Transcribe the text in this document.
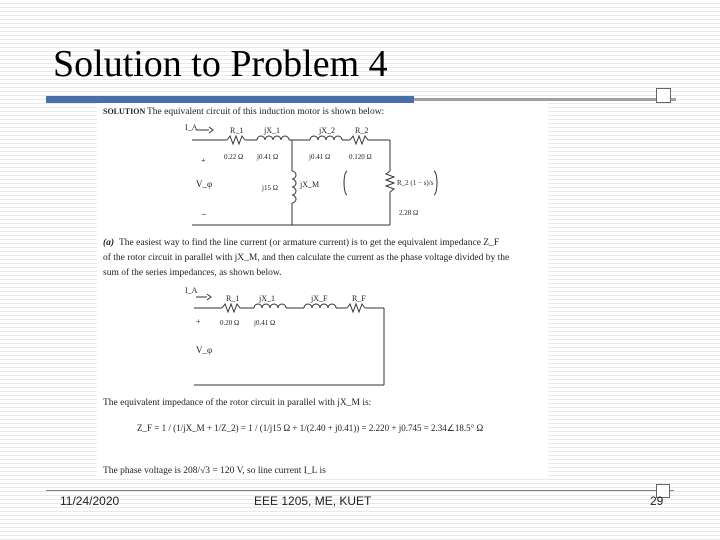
Solution to Problem 4
SOLUTION The equivalent circuit of this induction motor is shown below:
I_A
+
V_φ
−
R_1
0.22 Ω
jX_1
j0.41 Ω
jX_2
j0.41 Ω
R_2
0.120 Ω
jX_M
j15 Ω
R_2 (1 − s)/s
2.28 Ω
(a) The easiest way to find the line current (or armature current) is to get the equivalent impedance Z_F
of the rotor circuit in parallel with jX_M, and then calculate the current as the phase voltage divided by the
sum of the series impedances, as shown below.
I_A
+
V_φ
R_1
0.20 Ω
jX_1
j0.41 Ω
jX_F	R_F
The equivalent impedance of the rotor circuit in parallel with jX_M is:
Z_F = 1 / (1/jX_M + 1/Z_2) = 1 / (1/j15 Ω + 1/(2.40 + j0.41)) = 2.220 + j0.745 = 2.34∠18.5° Ω
The phase voltage is 208/√3 = 120 V, so line current I_L is
11/24/2020	EEE 1205, ME, KUET	29
